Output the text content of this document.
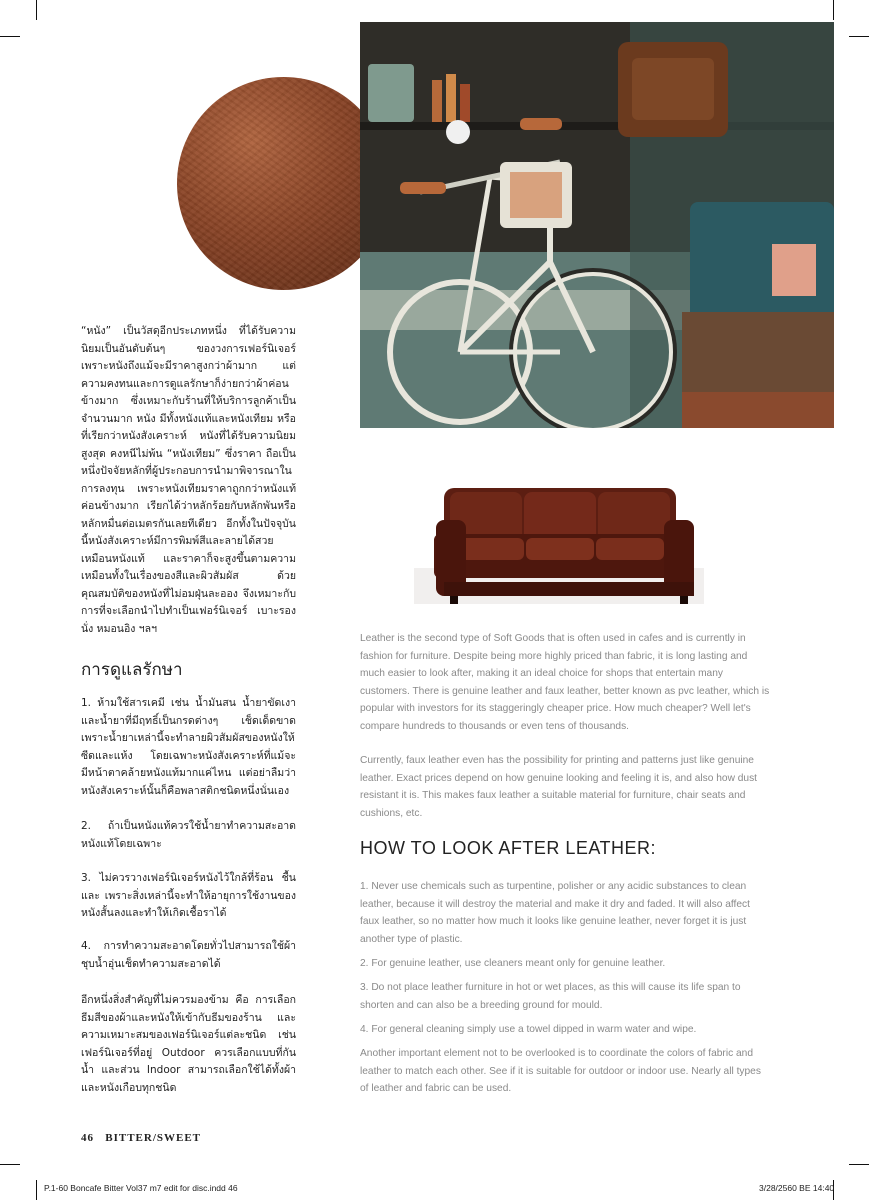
“หนัง” เป็นวัสดุอีกประเภทหนึ่ง ที่ได้รับความนิยมเป็นอันดับต้นๆ ของวงการเฟอร์นิเจอร์ เพราะหนังถึงแม้จะมีราคาสูงกว่าผ้ามาก แต่ความคงทนและการดูแลรักษาก็ง่ายกว่าผ้าค่อนข้างมาก ซึ่งเหมาะกับร้านที่ให้บริการลูกค้าเป็นจำนวนมาก หนัง มีทั้งหนังแท้และหนังเทียม หรือที่เรียกว่าหนังสังเคราะห์ หนังที่ได้รับความนิยมสูงสุด คงหนีไม่พ้น “หนังเทียม” ซึ่งราคา ถือเป็นหนึ่งปัจจัยหลักที่ผู้ประกอบการนำมาพิจารณาในการลงทุน เพราะหนังเทียมราคาถูกกว่าหนังแท้ค่อนข้างมาก เรียกได้ว่าหลักร้อยกับหลักพันหรือหลักหมื่นต่อเมตรกันเลยทีเดียว อีกทั้งในปัจจุบันนี้หนังสังเคราะห์มีการพิมพ์สีและลายได้สวยเหมือนหนังแท้ และราคาก็จะสูงขึ้นตามความเหมือนทั้งในเรื่องของสีและผิวสัมผัส ด้วยคุณสมบัติของหนังที่ไม่อมฝุ่นละออง จึงเหมาะกับการที่จะเลือกนำไปทำเป็นเฟอร์นิเจอร์ เบาะรองนั่ง หมอนอิง ฯลฯ

การดูแลรักษา

1. ห้ามใช้สารเคมี เช่น น้ำมันสน น้ำยาขัดเงา และน้ำยาที่มีฤทธิ์เป็นกรดต่างๆ เช็ดเด็ดขาด เพราะน้ำยาเหล่านี้จะทำลายผิวสัมผัสของหนังให้ซีดและแห้ง โดยเฉพาะหนังสังเคราะห์ที่แม้จะมีหน้าตาคล้ายหนังแท้มากแค่ไหน แต่อย่าลืมว่าหนังสังเคราะห์นั้นก็คือพลาสติกชนิดหนึ่งนั่นเอง

2. ถ้าเป็นหนังแท้ควรใช้น้ำยาทำความสะอาดหนังแท้โดยเฉพาะ

3. ไม่ควรวางเฟอร์นิเจอร์หนังไว้ใกล้ที่ร้อน ชื้นและ เพราะสิ่งเหล่านี้จะทำให้อายุการใช้งานของหนังสั้นลงและทำให้เกิดเชื้อราได้

4. การทำความสะอาดโดยทั่วไปสามารถใช้ผ้าชุบน้ำอุ่นเช็ดทำความสะอาดได้

อีกหนึ่งสิ่งสำคัญที่ไม่ควรมองข้าม คือ การเลือกธีมสีของผ้าและหนังให้เข้ากับธีมของร้าน และความเหมาะสมของเฟอร์นิเจอร์แต่ละชนิด เช่น เฟอร์นิเจอร์ที่อยู่ Outdoor ควรเลือกแบบที่กันน้ำ และส่วน Indoor สามารถเลือกใช้ได้ทั้งผ้าและหนังเกือบทุกชนิด

Leather is the second type of Soft Goods that is often used in cafes and is currently in fashion for furniture. Despite being more highly priced than fabric, it is long lasting and much easier to look after, making it an ideal choice for shops that entertain many customers. There is genuine leather and faux leather, better known as pvc leather, which is popular with investors for its staggeringly cheaper price. How much cheaper? Well let's compare hundreds to thousands or even tens of thousands.

Currently, faux leather even has the possibility for printing and patterns just like genuine leather. Exact prices depend on how genuine looking and feeling it is, and also how dust resistant it is. This makes faux leather a suitable material for furniture, chair seats and cushions, etc.

HOW TO LOOK AFTER LEATHER:

1. Never use chemicals such as turpentine, polisher or any acidic substances to clean leather, because it will destroy the material and make it dry and faded. It will also affect faux leather, so no matter how much it looks like genuine leather, never forget it is just another type of plastic.

2. For genuine leather, use cleaners meant only for genuine leather.

3. Do not place leather furniture in hot or wet places, as this will cause its life span to shorten and can also be a breeding ground for mould.

4. For general cleaning simply use a towel dipped in warm water and wipe.

Another important element not to be overlooked is to coordinate the colors of fabric and leather to match each other. See if it is suitable for outdoor or indoor use. Nearly all types of leather and fabric can be used.

46 BITTER/SWEET
P.1-60 Boncafe Bitter Vol37 m7 edit for disc.indd 46	3/28/2560 BE 14:40
